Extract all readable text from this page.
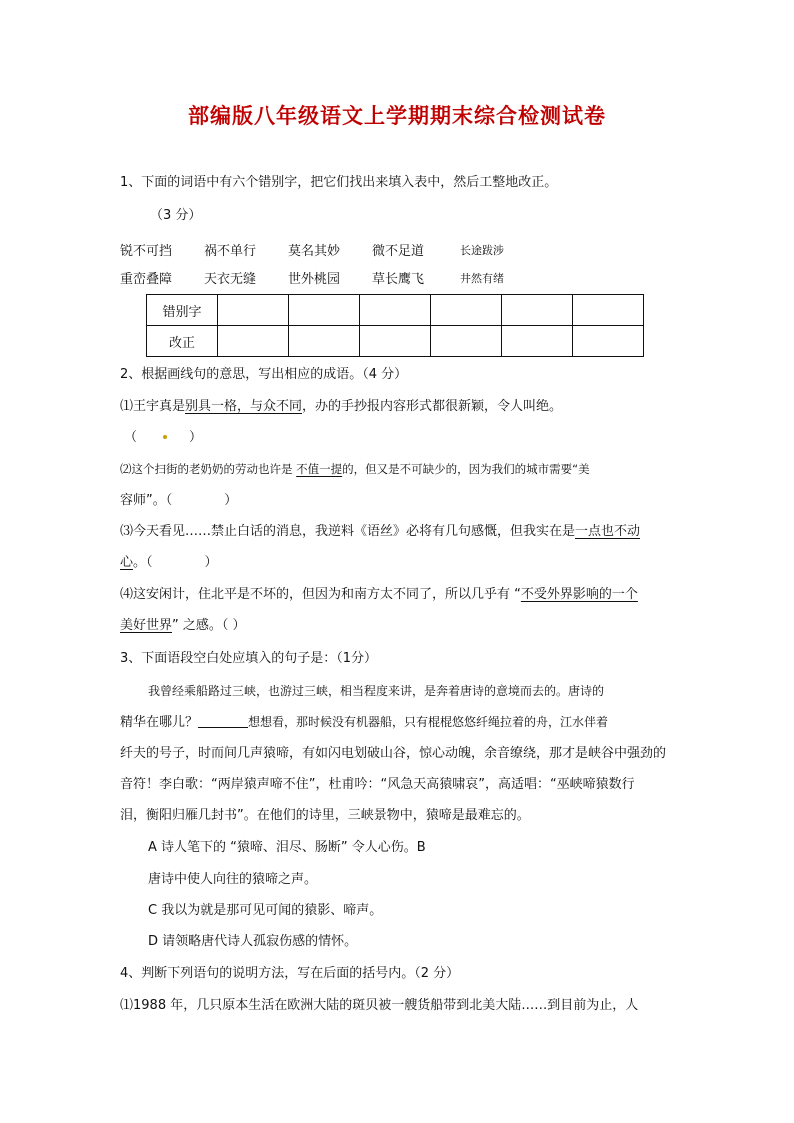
部编版八年级语文上学期期末综合检测试卷
1、下面的词语中有六个错别字，把它们找出来填入表中，然后工整地改正。
（3 分）
锐不可挡 祸不单行 莫名其妙 微不足道	长途跋涉
重峦叠障 天衣无缝 世外桃园 草长鹰飞	井然有绪
错别字						
改正						
2、根据画线句的意思，写出相应的成语。（4 分）
⑴王宇真是别具一格，与众不同，办的手抄报内容形式都很新颖，令人叫绝。
（	）
⑵这个扫街的老奶奶的劳动也许是 不值一提的，但又是不可缺少的，因为我们的城市需要“美
容师”。（　　　　）
⑶今天看见……禁止白话的消息，我逆料《语丝》必将有几句感慨，但我实在是一点也不动
心。（　　　　）
⑷这安闲计，住北平是不坏的，但因为和南方太不同了，所以几乎有 “不受外界影响的一个
美好世界” 之感。（ ）
3、下面语段空白处应填入的句子是：（1分）
我曾经乘船路过三峡，也游过三峡，相当程度来讲，是奔着唐诗的意境而去的。唐诗的
精华在哪儿？	想想看，那时候没有机器船，只有棍棍悠悠纤绳拉着的舟，江水伴着
纤夫的号子，时而间几声猿啼，有如闪电划破山谷，惊心动魄，余音缭绕，那才是峡谷中强劲的
音符！李白歌：“两岸猿声啼不住”，杜甫吟：“风急天高猿啸哀”，高适唱：“巫峡啼猿数行
泪，衡阳归雁几封书”。在他们的诗里，三峡景物中，猿啼是最难忘的。
A 诗人笔下的 “猿啼、泪尽、肠断” 令人心伤。B
唐诗中使人向往的猿啼之声。
C 我以为就是那可见可闻的猿影、啼声。
D 请领略唐代诗人孤寂伤感的情怀。
4、判断下列语句的说明方法，写在后面的括号内。（2 分）
⑴1988 年，几只原本生活在欧洲大陆的斑贝被一艘货船带到北美大陆……到目前为止，人
